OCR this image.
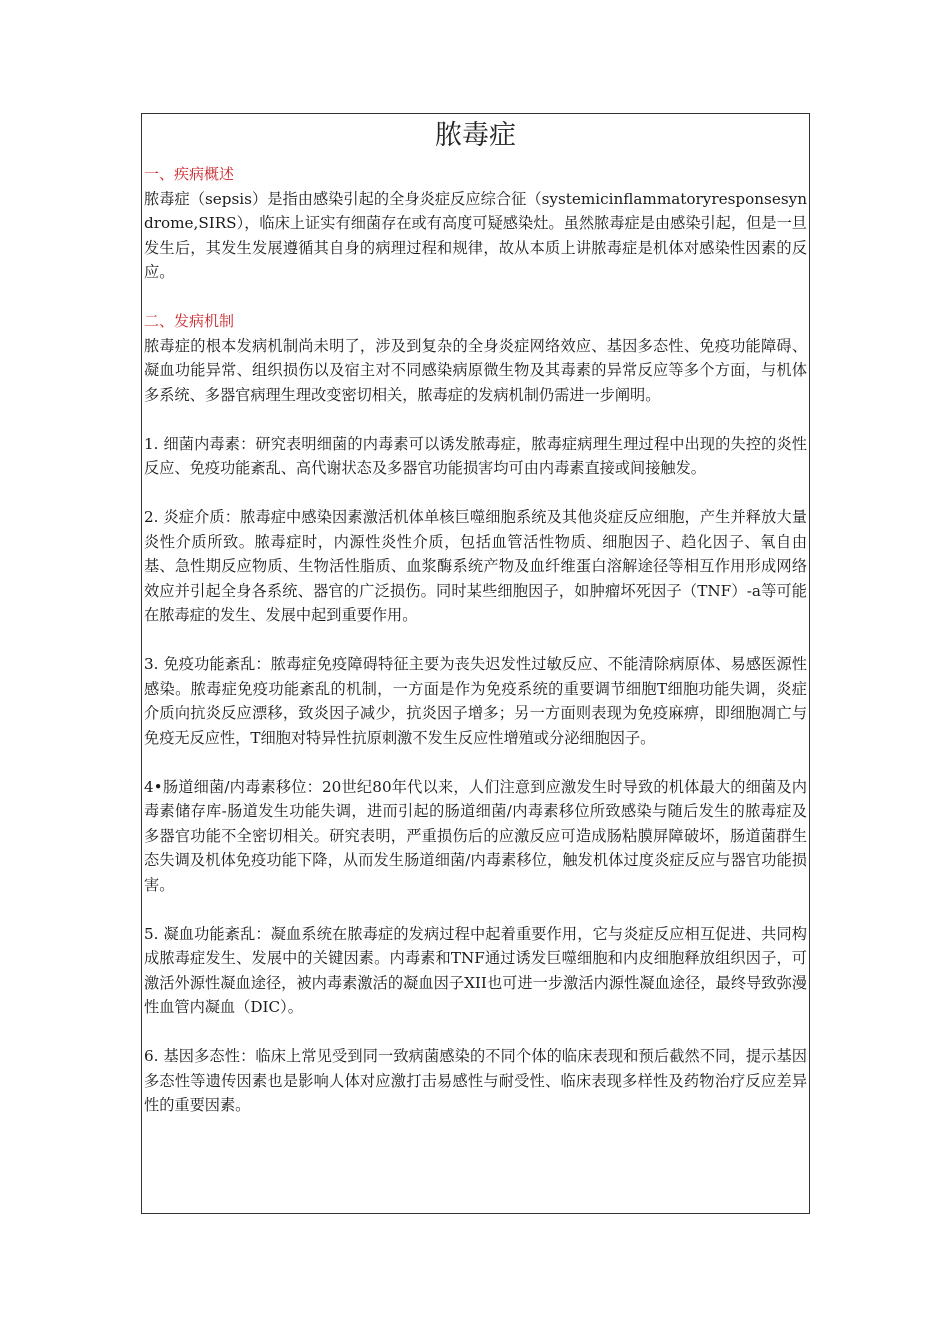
脓毒症
一、疾病概述

脓毒症（sepsis）是指由感染引起的全身炎症反应综合征（systemicinflammatoryresponsesyndrome,SIRS），临床上证实有细菌存在或有高度可疑感染灶。虽然脓毒症是由感染引起，但是一旦发生后，其发生发展遵循其自身的病理过程和规律，故从本质上讲脓毒症是机体对感染性因素的反应。

二、发病机制

脓毒症的根本发病机制尚未明了，涉及到复杂的全身炎症网络效应、基因多态性、免疫功能障碍、凝血功能异常、组织损伤以及宿主对不同感染病原微生物及其毒素的异常反应等多个方面，与机体多系统、多器官病理生理改变密切相关，脓毒症的发病机制仍需进一步阐明。

1. 细菌内毒素：研究表明细菌的内毒素可以诱发脓毒症，脓毒症病理生理过程中出现的失控的炎性反应、免疫功能紊乱、高代谢状态及多器官功能损害均可由内毒素直接或间接触发。

2. 炎症介质：脓毒症中感染因素激活机体单核巨噬细胞系统及其他炎症反应细胞，产生并释放大量炎性介质所致。脓毒症时，内源性炎性介质，包括血管活性物质、细胞因子、趋化因子、氧自由基、急性期反应物质、生物活性脂质、血浆酶系统产物及血纤维蛋白溶解途径等相互作用形成网络效应并引起全身各系统、器官的广泛损伤。同时某些细胞因子，如肿瘤坏死因子（TNF）-a等可能在脓毒症的发生、发展中起到重要作用。

3. 免疫功能紊乱：脓毒症免疫障碍特征主要为丧失迟发性过敏反应、不能清除病原体、易感医源性感染。脓毒症免疫功能紊乱的机制，一方面是作为免疫系统的重要调节细胞T细胞功能失调，炎症介质向抗炎反应漂移，致炎因子减少，抗炎因子增多；另一方面则表现为免疫麻痹，即细胞凋亡与免疫无反应性，T细胞对特异性抗原刺激不发生反应性增殖或分泌细胞因子。

4•肠道细菌/内毒素移位：20世纪80年代以来，人们注意到应激发生时导致的机体最大的细菌及内毒素储存库-肠道发生功能失调，进而引起的肠道细菌/内毒素移位所致感染与随后发生的脓毒症及多器官功能不全密切相关。研究表明，严重损伤后的应激反应可造成肠粘膜屏障破坏，肠道菌群生态失调及机体免疫功能下降，从而发生肠道细菌/内毒素移位，触发机体过度炎症反应与器官功能损害。

5. 凝血功能紊乱：凝血系统在脓毒症的发病过程中起着重要作用，它与炎症反应相互促进、共同构成脓毒症发生、发展中的关键因素。内毒素和TNF通过诱发巨噬细胞和内皮细胞释放组织因子，可激活外源性凝血途径，被内毒素激活的凝血因子XII也可进一步激活内源性凝血途径，最终导致弥漫性血管内凝血（DIC）。

6. 基因多态性：临床上常见受到同一致病菌感染的不同个体的临床表现和预后截然不同，提示基因多态性等遗传因素也是影响人体对应激打击易感性与耐受性、临床表现多样性及药物治疗反应差异性的重要因素。
